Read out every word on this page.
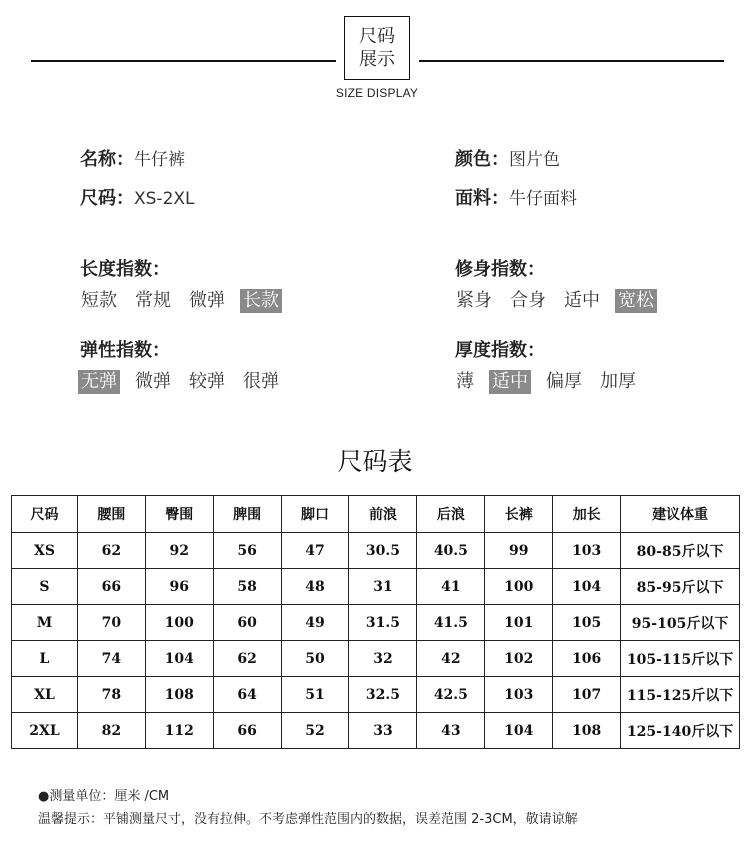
尺码
展示
SIZE DISPLAY
名称：牛仔裤	颜色：图片色
尺码：XS-2XL	面料：牛仔面料
长度指数：
短款 常规 微弹 长款
修身指数：
紧身 合身 适中 宽松
弹性指数：
无弹 微弹 较弹 很弹
厚度指数：
薄 适中 偏厚 加厚
尺码表
尺码	腰围	臀围	脾围	脚口	前浪	后浪	长裤	加长	建议体重
XS	62	92	56	47	30.5	40.5	99	103	80-85斤以下
S	66	96	58	48	31	41	100	104	85-95斤以下
M	70	100	60	49	31.5	41.5	101	105	95-105斤以下
L	74	104	62	50	32	42	102	106	105-115斤以下
XL	78	108	64	51	32.5	42.5	103	107	115-125斤以下
2XL	82	112	66	52	33	43	104	108	125-140斤以下
●测量单位：厘米 /CM
温馨提示：平铺测量尺寸，没有拉伸。不考虑弹性范围内的数据，误差范围 2-3CM，敬请谅解
